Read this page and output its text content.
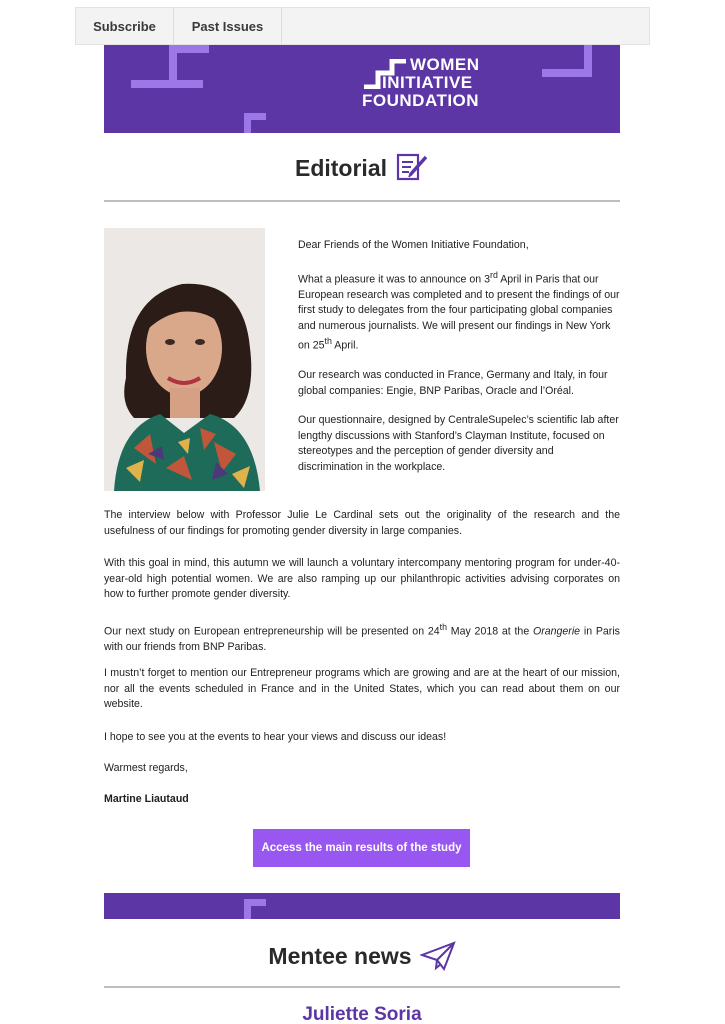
Subscribe	Past Issues
WOMEN
INITIATIVE
FOUNDATION
Editorial

Dear Friends of the Women Initiative Foundation,

What a pleasure it was to announce on 3rd April in Paris that our European research was completed and to present the findings of our first study to delegates from the four participating global companies and numerous journalists. We will present our findings in New York on 25th April.

Our research was conducted in France, Germany and Italy, in four global companies: Engie, BNP Paribas, Oracle and l’Oréal.

Our questionnaire, designed by CentraleSupelec’s scientific lab after lengthy discussions with Stanford’s Clayman Institute, focused on stereotypes and the perception of gender diversity and discrimination in the workplace.

The interview below with Professor Julie Le Cardinal sets out the originality of the research and the usefulness of our findings for promoting gender diversity in large companies.
With this goal in mind, this autumn we will launch a voluntary intercompany mentoring program for under-40-year-old high potential women. We are also ramping up our philanthropic activities advising corporates on how to further promote gender diversity.
Our next study on European entrepreneurship will be presented on 24th May 2018 at the Orangerie in Paris with our friends from BNP Paribas.
I mustn’t forget to mention our Entrepreneur programs which are growing and are at the heart of our mission, nor all the events scheduled in France and in the United States, which you can read about them on our website.
I hope to see you at the events to hear your views and discuss our ideas!
Warmest regards,
Martine Liautaud
Access the main results of the study
Mentee news
Juliette Soria
